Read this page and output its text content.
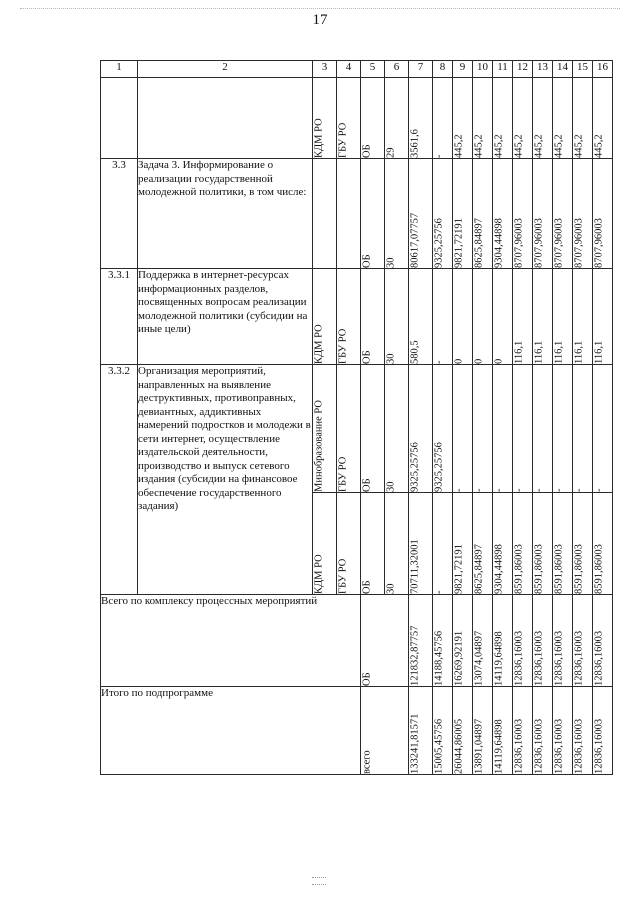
17
1	2	3	4	5	6	7	8	9	10	11	12	13	14	15	16
		КДМ РО	ГБУ РО	ОБ	29	3561,6	-	445,2	445,2	445,2	445,2	445,2	445,2	445,2	445,2
3.3	Задача 3. Информирование о реализации государственной молодежной политики, в том числе:			ОБ	30	80617,07757	9325,25756	9821,72191	8625,84897	9304,44898	8707,96003	8707,96003	8707,96003	8707,96003	8707,96003
3.3.1	Поддержка в интернет-ресурсах информационных разделов, посвященных вопросам реализации молодежной политики (субсидии на иные цели)	КДМ РО	ГБУ РО	ОБ	30	580,5	-	0	0	0	116,1	116,1	116,1	116,1	116,1
3.3.2	Организация мероприятий, направленных на выявление деструктивных, противоправных, девиантных, аддиктивных намерений подростков и молодежи в сети интернет, осуществление издательской деятельности, производство и выпуск сетевого издания (субсидии на финансовое обеспечение государственного задания)	Минобразование РО	ГБУ РО	ОБ	30	9325,25756	9325,25756	-	-	-	-	-	-	-	-
		КДМ РО	ГБУ РО	ОБ	30	70711,32001	-	9821,72191	8625,84897	9304,44898	8591,86003	8591,86003	8591,86003	8591,86003	8591,86003
Всего по комплексу процессных мероприятий				ОБ		121832,87757	14188,45756	16269,92191	13074,04897	14119,64898	12836,16003	12836,16003	12836,16003	12836,16003	12836,16003
Итого по подпрограмме				всего		133241,81571	15005,45756	26044,86005	13891,04897	14119,64898	12836,16003	12836,16003	12836,16003	12836,16003	12836,16003
